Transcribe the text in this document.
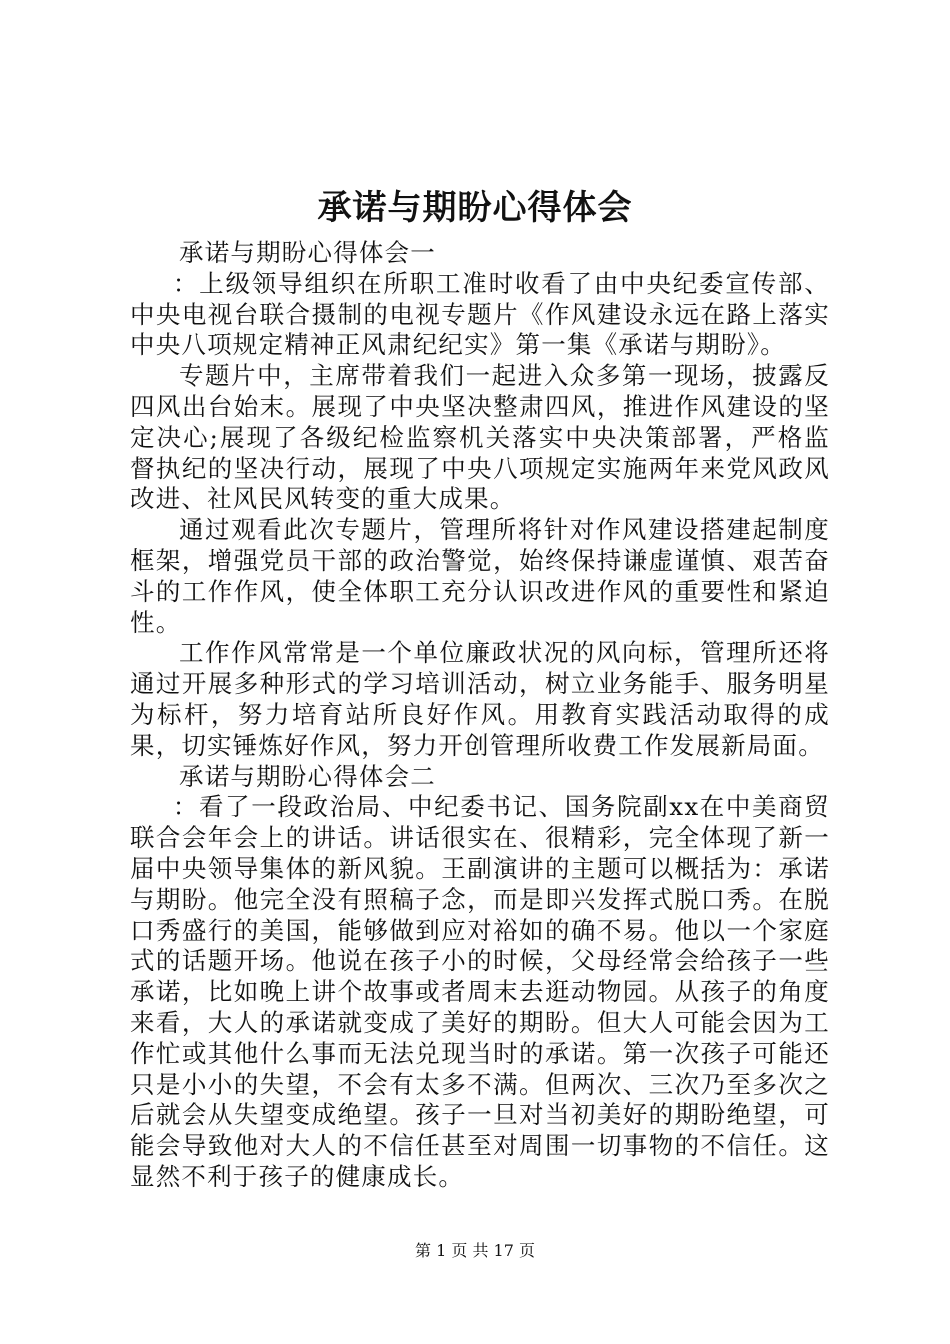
承诺与期盼心得体会

承诺与期盼心得体会一

：上级领导组织在所职工准时收看了由中央纪委宣传部、中央电视台联合摄制的电视专题片《作风建设永远在路上落实中央八项规定精神正风肃纪纪实》第一集《承诺与期盼》。

专题片中，主席带着我们一起进入众多第一现场，披露反四风出台始末。展现了中央坚决整肃四风，推进作风建设的坚定决心;展现了各级纪检监察机关落实中央决策部署，严格监督执纪的坚决行动，展现了中央八项规定实施两年来党风政风改进、社风民风转变的重大成果。

通过观看此次专题片，管理所将针对作风建设搭建起制度框架，增强党员干部的政治警觉，始终保持谦虚谨慎、艰苦奋斗的工作作风，使全体职工充分认识改进作风的重要性和紧迫性。

工作作风常常是一个单位廉政状况的风向标，管理所还将通过开展多种形式的学习培训活动，树立业务能手、服务明星为标杆，努力培育站所良好作风。用教育实践活动取得的成果，切实锤炼好作风，努力开创管理所收费工作发展新局面。

承诺与期盼心得体会二

：看了一段政治局、中纪委书记、国务院副xx在中美商贸联合会年会上的讲话。讲话很实在、很精彩，完全体现了新一届中央领导集体的新风貌。王副演讲的主题可以概括为：承诺与期盼。他完全没有照稿子念，而是即兴发挥式脱口秀。在脱口秀盛行的美国，能够做到应对裕如的确不易。他以一个家庭式的话题开场。他说在孩子小的时候，父母经常会给孩子一些承诺，比如晚上讲个故事或者周末去逛动物园。从孩子的角度来看，大人的承诺就变成了美好的期盼。但大人可能会因为工作忙或其他什么事而无法兑现当时的承诺。第一次孩子可能还只是小小的失望，不会有太多不满。但两次、三次乃至多次之后就会从失望变成绝望。孩子一旦对当初美好的期盼绝望，可能会导致他对大人的不信任甚至对周围一切事物的不信任。这显然不利于孩子的健康成长。

第 1 页 共 17 页
